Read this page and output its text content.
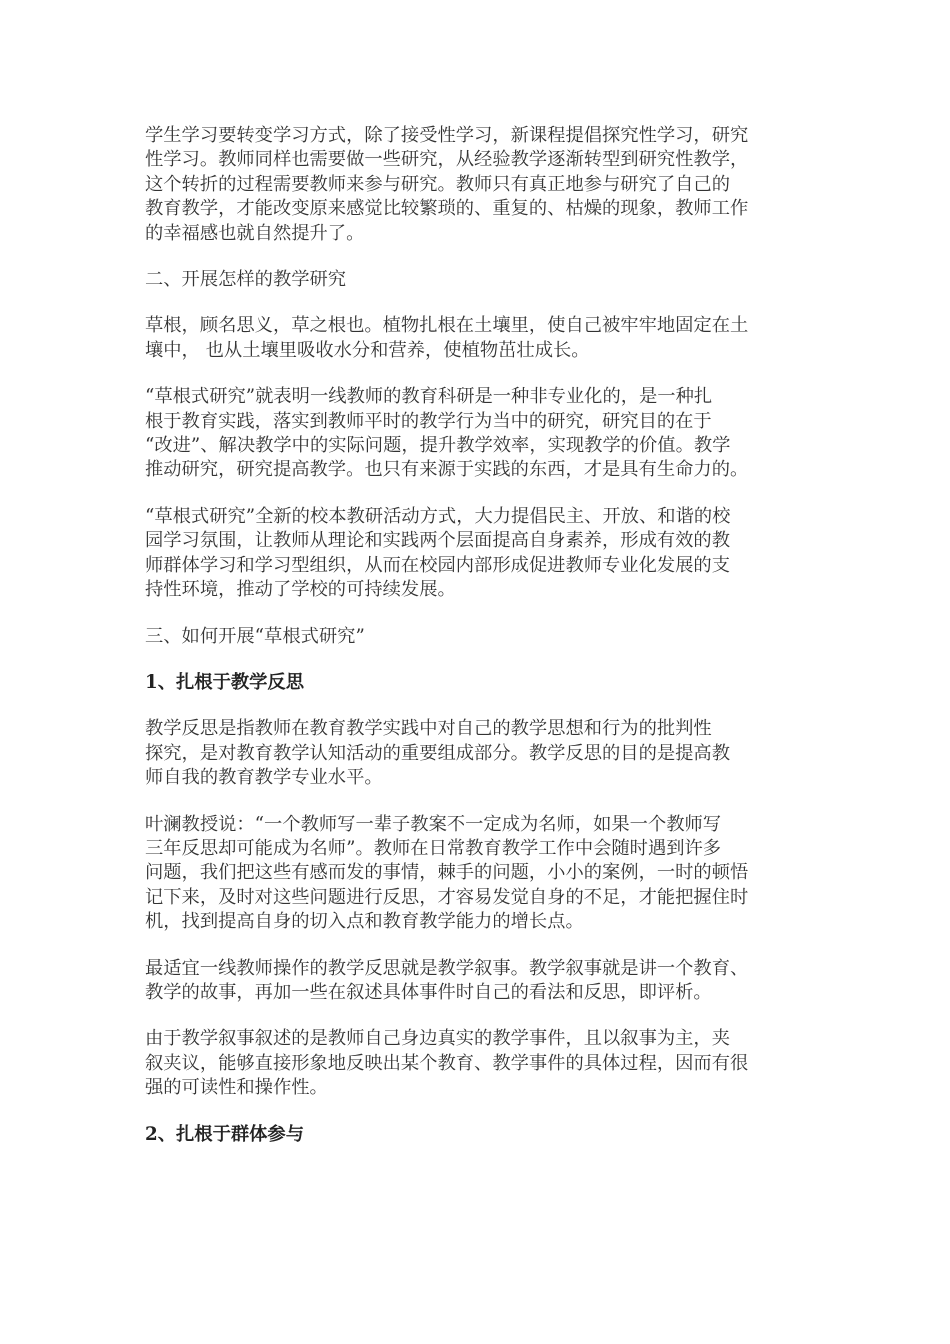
学生学习要转变学习方式，除了接受性学习，新课程提倡探究性学习，研究
性学习。教师同样也需要做一些研究，从经验教学逐渐转型到研究性教学，
这个转折的过程需要教师来参与研究。教师只有真正地参与研究了自己的
教育教学，才能改变原来感觉比较繁琐的、重复的、枯燥的现象，教师工作
的幸福感也就自然提升了。

二、开展怎样的教学研究

草根，顾名思义，草之根也。植物扎根在土壤里，使自己被牢牢地固定在土
壤中， 也从土壤里吸收水分和营养，使植物茁壮成长。

“草根式研究”就表明一线教师的教育科研是一种非专业化的，是一种扎
根于教育实践，落实到教师平时的教学行为当中的研究，研究目的在于
“改进”、解决教学中的实际问题，提升教学效率，实现教学的价值。教学
推动研究，研究提高教学。也只有来源于实践的东西，才是具有生命力的。

“草根式研究”全新的校本教研活动方式，大力提倡民主、开放、和谐的校
园学习氛围，让教师从理论和实践两个层面提高自身素养，形成有效的教
师群体学习和学习型组织，从而在校园内部形成促进教师专业化发展的支
持性环境，推动了学校的可持续发展。

三、如何开展“草根式研究”

1、扎根于教学反思

教学反思是指教师在教育教学实践中对自己的教学思想和行为的批判性
探究，是对教育教学认知活动的重要组成部分。教学反思的目的是提高教
师自我的教育教学专业水平。

叶澜教授说：“一个教师写一辈子教案不一定成为名师，如果一个教师写
三年反思却可能成为名师”。教师在日常教育教学工作中会随时遇到许多
问题，我们把这些有感而发的事情，棘手的问题，小小的案例，一时的顿悟
记下来，及时对这些问题进行反思，才容易发觉自身的不足，才能把握住时
机，找到提高自身的切入点和教育教学能力的增长点。

最适宜一线教师操作的教学反思就是教学叙事。教学叙事就是讲一个教育、
教学的故事，再加一些在叙述具体事件时自己的看法和反思，即评析。

由于教学叙事叙述的是教师自己身边真实的教学事件，且以叙事为主，夹
叙夹议，能够直接形象地反映出某个教育、教学事件的具体过程，因而有很
强的可读性和操作性。

2、扎根于群体参与
